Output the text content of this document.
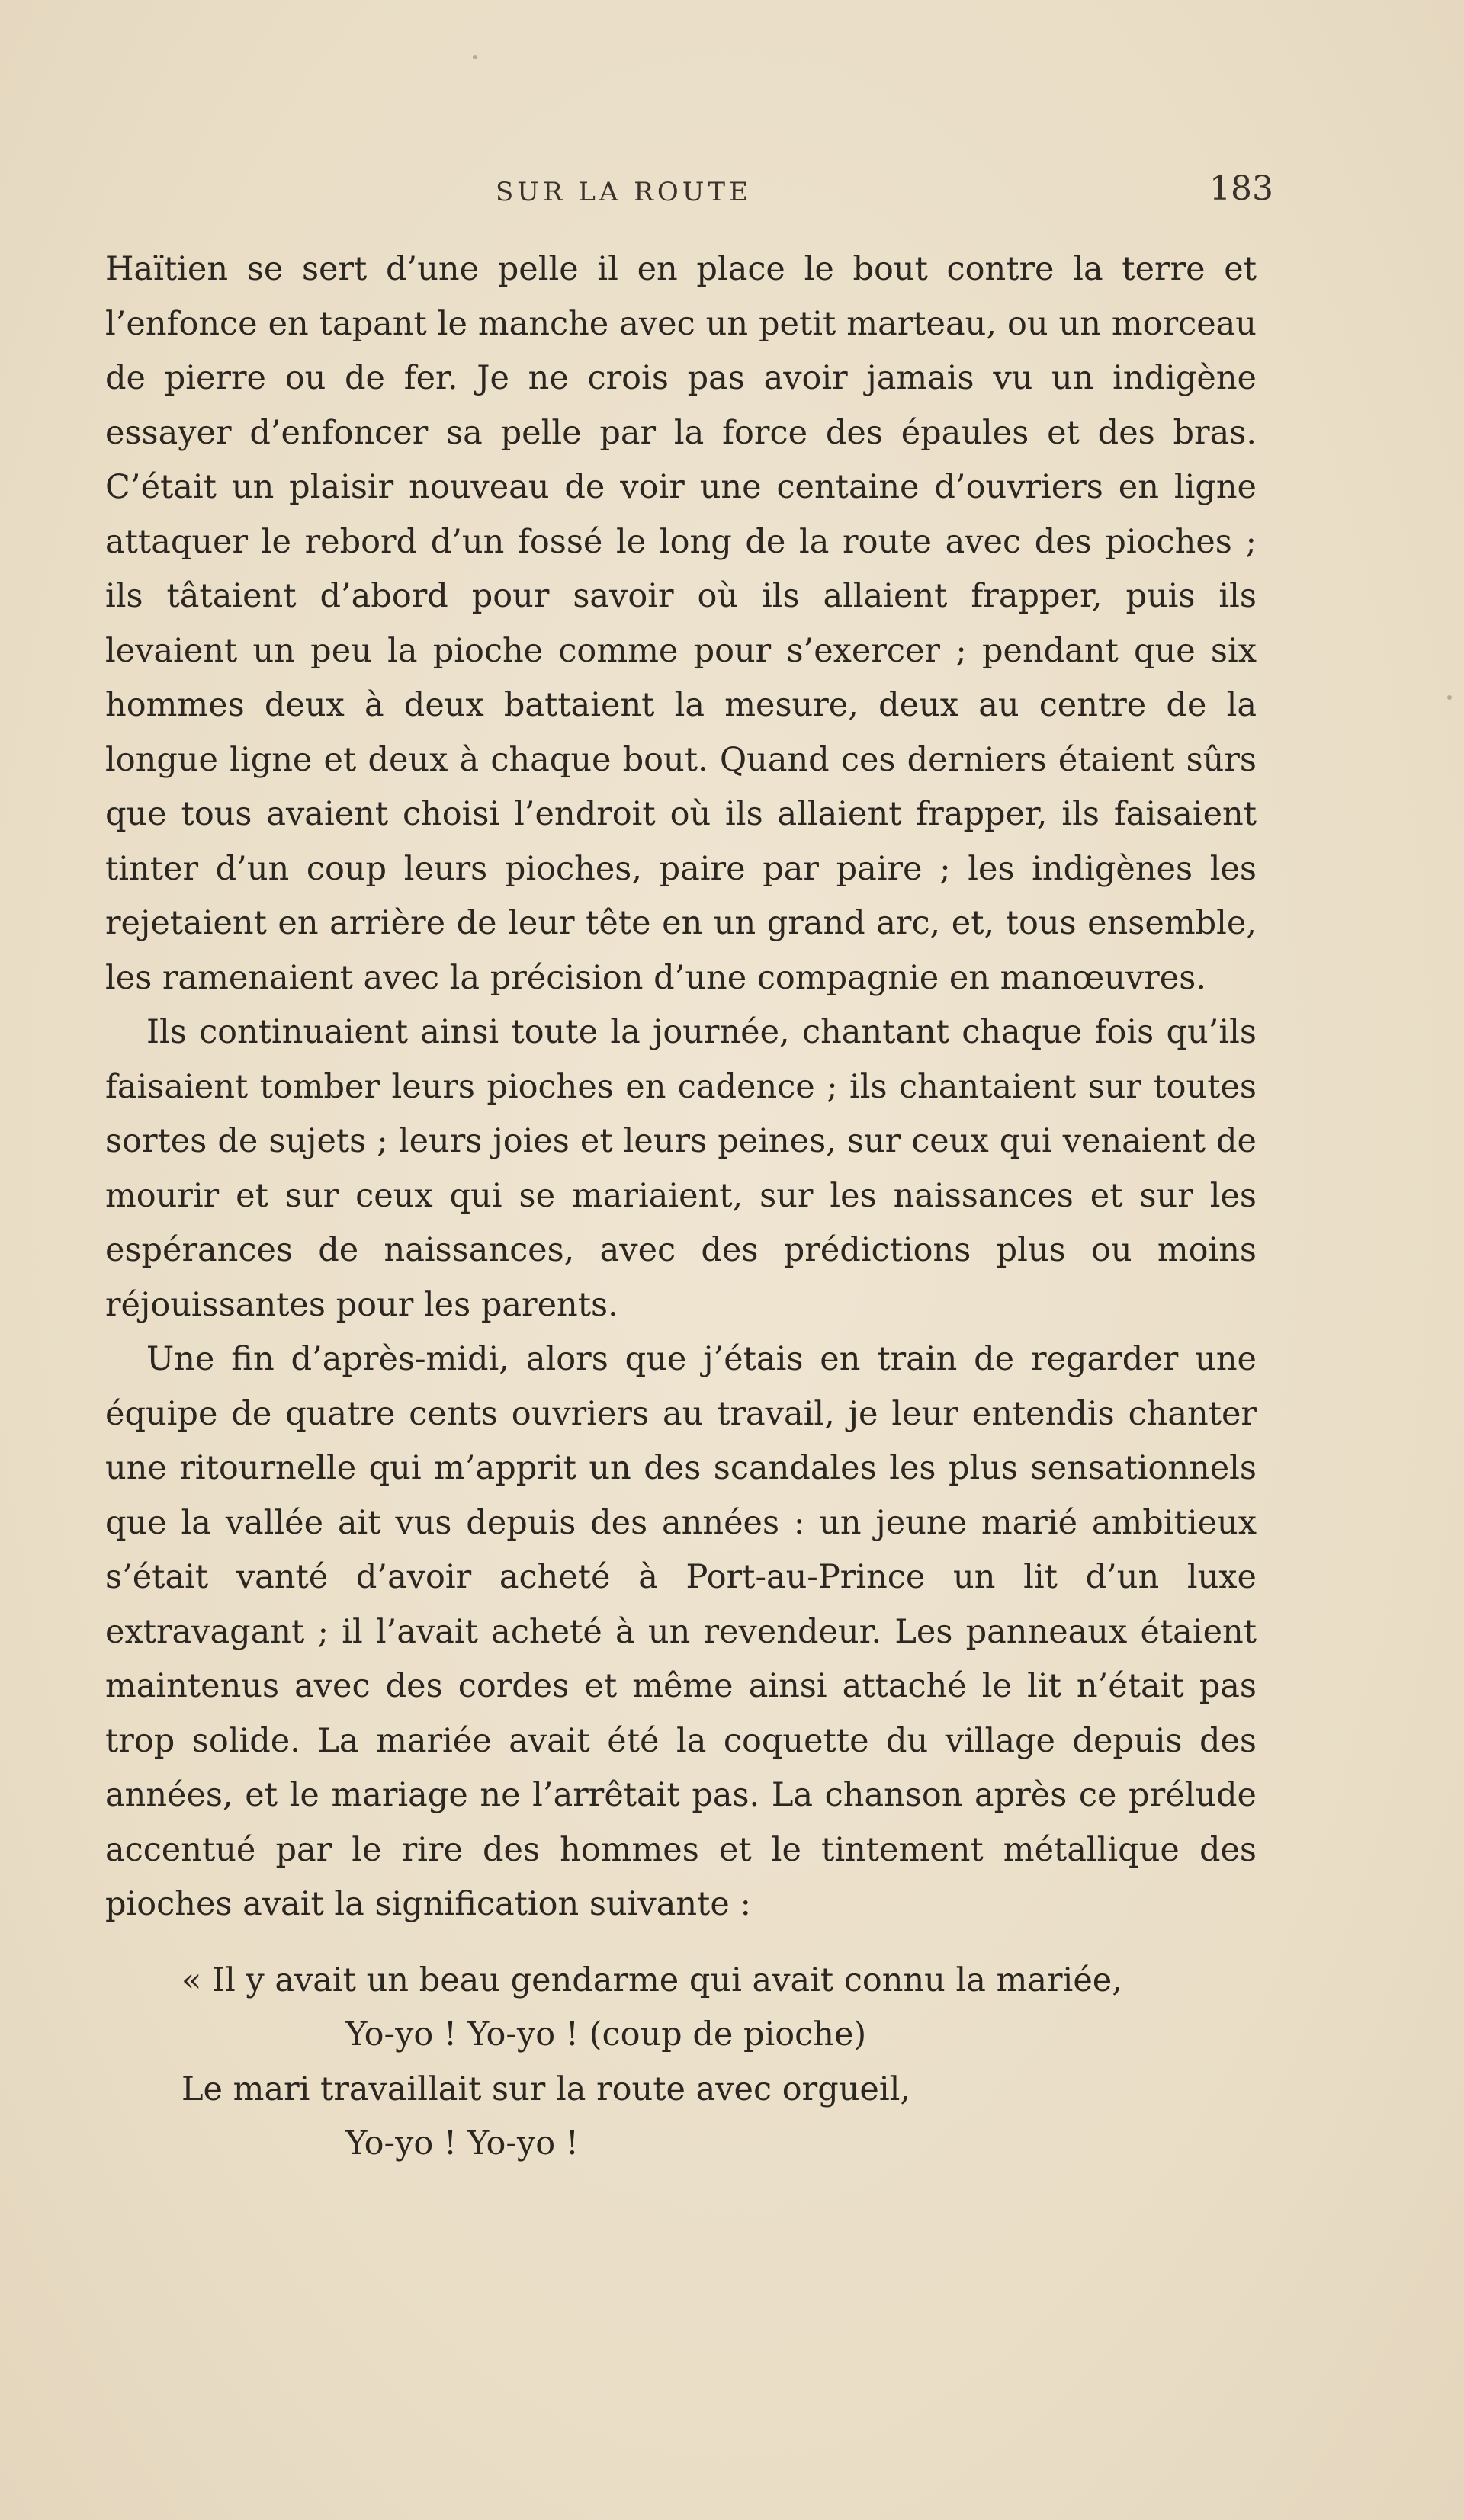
SUR LA ROUTE	183

Haïtien se sert d’une pelle il en place le bout contre la terre et l’enfonce en tapant le manche avec un petit marteau, ou un morceau de pierre ou de fer. Je ne crois pas avoir jamais vu un indigène essayer d’enfoncer sa pelle par la force des épaules et des bras. C’était un plaisir nouveau de voir une centaine d’ouvriers en ligne attaquer le rebord d’un fossé le long de la route avec des pioches ; ils tâtaient d’abord pour savoir où ils allaient frapper, puis ils levaient un peu la pioche comme pour s’exercer ; pendant que six hommes deux à deux battaient la mesure, deux au centre de la longue ligne et deux à chaque bout. Quand ces derniers étaient sûrs que tous avaient choisi l’endroit où ils allaient frapper, ils faisaient tinter d’un coup leurs pioches, paire par paire ; les indigènes les rejetaient en arrière de leur tête en un grand arc, et, tous ensemble, les ramenaient avec la précision d’une compagnie en manœuvres.

Ils continuaient ainsi toute la journée, chantant chaque fois qu’ils faisaient tomber leurs pioches en cadence ; ils chantaient sur toutes sortes de sujets ; leurs joies et leurs peines, sur ceux qui venaient de mourir et sur ceux qui se mariaient, sur les naissances et sur les espérances de naissances, avec des prédictions plus ou moins réjouissantes pour les parents.

Une fin d’après-midi, alors que j’étais en train de regarder une équipe de quatre cents ouvriers au travail, je leur entendis chanter une ritournelle qui m’apprit un des scandales les plus sensationnels que la vallée ait vus depuis des années : un jeune marié ambitieux s’était vanté d’avoir acheté à Port-au-Prince un lit d’un luxe extravagant ; il l’avait acheté à un revendeur. Les panneaux étaient maintenus avec des cordes et même ainsi attaché le lit n’était pas trop solide. La mariée avait été la coquette du village depuis des années, et le mariage ne l’arrêtait pas. La chanson après ce prélude accentué par le rire des hommes et le tintement métallique des pioches avait la signification suivante :

« Il y avait un beau gendarme qui avait connu la mariée,
Yo-yo ! Yo-yo ! (coup de pioche)
Le mari travaillait sur la route avec orgueil,
Yo-yo ! Yo-yo !
